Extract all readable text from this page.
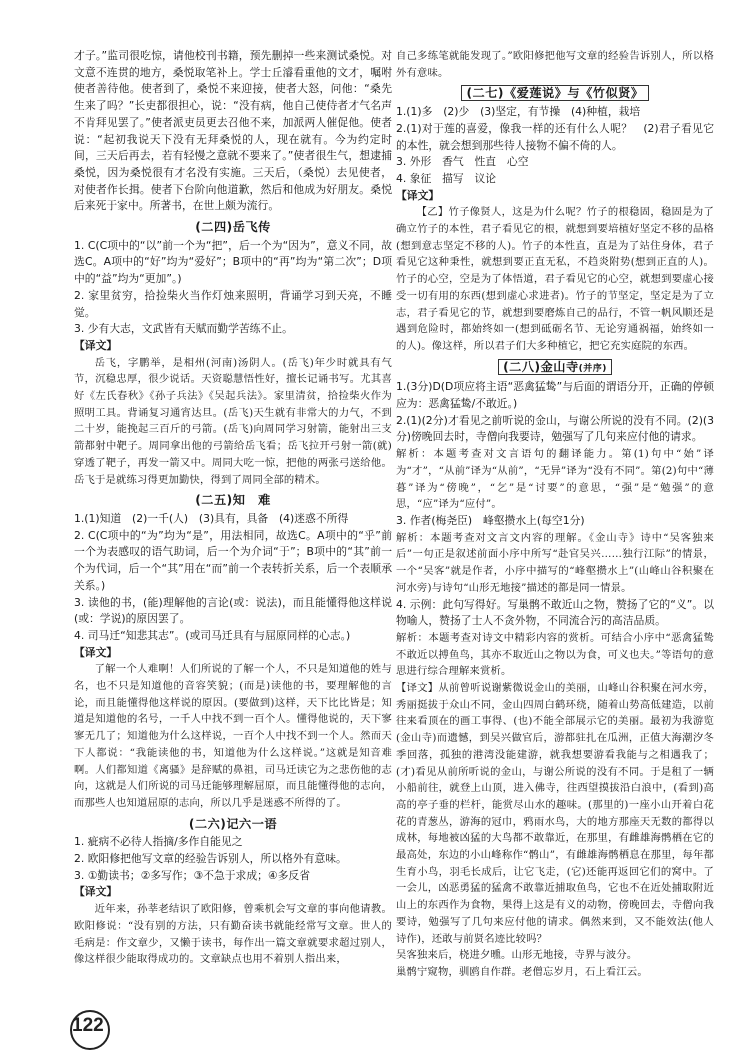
才子。”监司很吃惊，请他校刊书籍，预先删掉一些来测试桑悦。对文意不连贯的地方，桑悦取笔补上。学士丘濬看重他的文才，嘱咐使者善待他。使者到了，桑悦不来迎接，使者大怒，问他：“桑先生来了吗？”长吏都很担心，说：“没有病，他自己使侍者才气名声不肯拜见罢了。”使者派吏员更去召他不来，加派两人催促他。使者说：“起初我说天下没有无拜桑悦的人，现在就有。今为约定时间，三天后再去，若有轻慢之意就不要来了。”使者很生气，想逮捕桑悦，因为桑悦很有才名没有实施。三天后，（桑悦）去见使者，对使者作长揖。使者下台阶向他道歉，然后和他成为好朋友。桑悦后来死于家中。所著书，在世上颇为流行。

(二四)岳飞传

1. C(C项中的“以”前一个为“把”，后一个为“因为”，意义不同，故选C。A项中的“好”均为“爱好”；B项中的“再”均为“第二次”；D项中的“益”均为“更加”。)

2. 家里贫穷，拾捡柴火当作灯烛来照明，背诵学习到天亮，不睡觉。

3. 少有大志，文武皆有天赋而勤学苦练不止。

【译文】

岳飞，字鹏举，是相州(河南)汤阴人。(岳飞)年少时就具有气节，沉稳忠厚，很少说话。天资聪慧悟性好，擅长记诵书写。尤其喜好《左氏春秋》《孙子兵法》《吴起兵法》。家里清贫，拾捡柴火作为照明工具。背诵复习通宵达旦。(岳飞)天生就有非常大的力气，不到二十岁，能挽起三百斤的弓箭。(岳飞)向周同学习射箭，能射出三支箭都射中靶子。周同拿出他的弓箭给岳飞看；岳飞拉开弓射一箭(就)穿透了靶子，再发一箭又中。周同大吃一惊，把他的两张弓送给他。岳飞于是就练习得更加勤快，得到了周同全部的精术。

(二五)知　难

1.(1)知道　(2)一千(人)　(3)具有，具备　(4)迷惑不所得

2. C(C项中的“为”均为“是”，用法相同，故选C。A项中的“乎”前一个为表感叹的语气助词，后一个为介词“于”；B项中的“其”前一个为代词，后一个“其”用在“而”前一个表转折关系，后一个表顺承关系。)

3. 读他的书，(能)理解他的言论(或：说法)，而且能懂得他这样说(或：学说)的原因罢了。

4. 司马迁“知悲其志”。(或司马迁具有与屈原同样的心志。)

【译文】

了解一个人难啊！人们所说的了解一个人，不只是知道他的姓与名，也不只是知道他的音容笑貌；(而是)读他的书，要理解他的言论，而且能懂得他这样说的原因。(要做到)这样，天下比比皆是；知道是知道他的名号，一千人中找不到一百个人。懂得他说的，天下寥寥无几了；知道他为什么这样说，一百个人中找不到一个人。然而天下人都说：“我能读他的书，知道他为什么这样说。”这就是知音难啊。人们都知道《离骚》是辞赋的鼻祖，司马迁读它为之悲伤他的志向，这就是人们所说的司马迁能够理解屈原，而且能懂得他的志向，而那些人也知道屈原的志向，所以几乎是迷惑不所得的了。

(二六)记六一语

1. 疵病不必待人指摘/多作自能见之

2. 欧阳修把他写文章的经验告诉别人，所以格外有意味。

3. ①勤读书；②多写作；③不急于求成；④多反省

【译文】

近年来，孙莘老结识了欧阳修，曾乘机会写文章的事向他请教。欧阳修说：“没有别的方法，只有勤奋读书就能经常写文章。世人的毛病是：作文章少，又懒于读书，每作出一篇文章就要求超过别人，像这样很少能取得成功的。文章缺点也用不着别人指出来，

自己多练笔就能发现了。”欧阳修把他写文章的经验告诉别人，所以格外有意味。

(二七)《爱莲说》与《竹似贤》

1.(1)多　(2)少　(3)坚定，有节操　(4)种植，栽培

2.(1)对于莲的喜爱，像我一样的还有什么人呢？　(2)君子看见它的本性，就会想到那些待人接物不偏不倚的人。

3. 外形　香气　性直　心空

4. 象征　描写　议论

【译文】

【乙】竹子像贤人，这是为什么呢？竹子的根稳固，稳固是为了确立竹子的本性，君子看见它的根，就想到要培植好坚定不移的品格(想到意志坚定不移的人)。竹子的本性直，直是为了站住身体，君子看见它这种秉性，就想到要正直无私，不趋炎附势(想到正直的人)。竹子的心空，空是为了体悟道，君子看见它的心空，就想到要虚心接受一切有用的东西(想到虚心求进者)。竹子的节坚定，坚定是为了立志，君子看见它的节，就想到要磨炼自己的品行，不管一帆风顺还是遇到危险时，都始终如一(想到砥砺名节、无论穷通祸福，始终如一的人)。像这样，所以君子们大多种植它，把它充实庭院的东西。

(二八)金山寺(并序)

1.(3分)D(D项应将主语“恶禽猛鸷”与后面的谓语分开，正确的停顿应为：恶禽猛鸷/不敢近。)

2.(1)(2分)才看见之前听说的金山，与谢公所说的没有不同。(2)(3分)傍晚回去时，寺僧向我要诗，勉强写了几句来应付他的请求。

解析：本题考查对文言语句的翻译能力。第(1)句中“始”译为“才”，“从前”译为“从前”，“无异”译为“没有不同”。第(2)句中“薄暮”译为“傍晚”，“乞”是“讨要”的意思，“强”是“勉强”的意思，“应”译为“应付”。

3. 作者(梅尧臣)　峰壑攒水上(每空1分)

解析：本题考查对文言文内容的理解。《金山寺》诗中“吴客独来后”一句正是叙述前面小序中所写“赴官吴兴……独行江际”的情景，一个“吴客”就是作者，小序中描写的“峰壑攒水上”(山峰山谷积聚在河水旁)与诗句“山形无地接”描述的都是同一情景。

4. 示例：此句写得好。写巢鹘不敢近山之物，赞扬了它的“义”。以物喻人，赞扬了士人不贪外物，不同流合污的高洁品质。

解析：本题考查对诗文中精彩内容的赏析。可结合小序中“恶禽猛鸷不敢近以搏鱼鸟，其亦不取近山之物以为食，可义也夫。”等语句的意思进行综合理解来赏析。

【译文】从前曾听说谢紫微说金山的美丽，山峰山谷积聚在河水旁，秀丽挺拔于众山不同，金山四周白鹤环绕，随着山势高低建造，以前往来看顶在的画工事得、(也)不能全部展示它的美丽。最初为我游览(金山寺)而遗憾，到吴兴做官后，游都驻扎在瓜洲，正值大海潮汐冬季回落，孤独的港湾没能建游，就我想要游看我能与之相遇我了；(才)看见从前所听说的金山，与谢公所说的没有不同。于是租了一辆小船前往，就登上山顶，进入佛寺，往西望摸拔沿白浪中，(看到)高高的亭子垂的栏杆，能赏尽山水的趣味。(那里的)一座小山开着白花花的青葱丛，游海的冠巾，鸦雨水鸟，大的地方那座天无数的都得以成林，每地被凶猛的大鸟都不敢靠近，在那里，有雌雄海鹘栖在它的最高处，东边的小山峰称作“鹘山”，有雌雄海鹘栖息在那里，每年都生育小鸟，羽毛长成后，让它飞走，(它)还能再返回它们的窝中。了一会儿，凶恶勇猛的猛禽不敢靠近捕取鱼鸟，它也不在近处捕取附近山上的东西作为食物，果得上这是有义的动物，傍晚回去，寺僧向我要诗，勉强写了几句来应付他的请求。偶然来到，又不能效法(他人诗作)，还敢与前贤名迹比较吗？

吴客独来后，桡进夕曛。山形无地接，寺界与波分。

巢鹘宁窥物，驯鸥自作群。老僧忘岁月，石上看江云。

122
